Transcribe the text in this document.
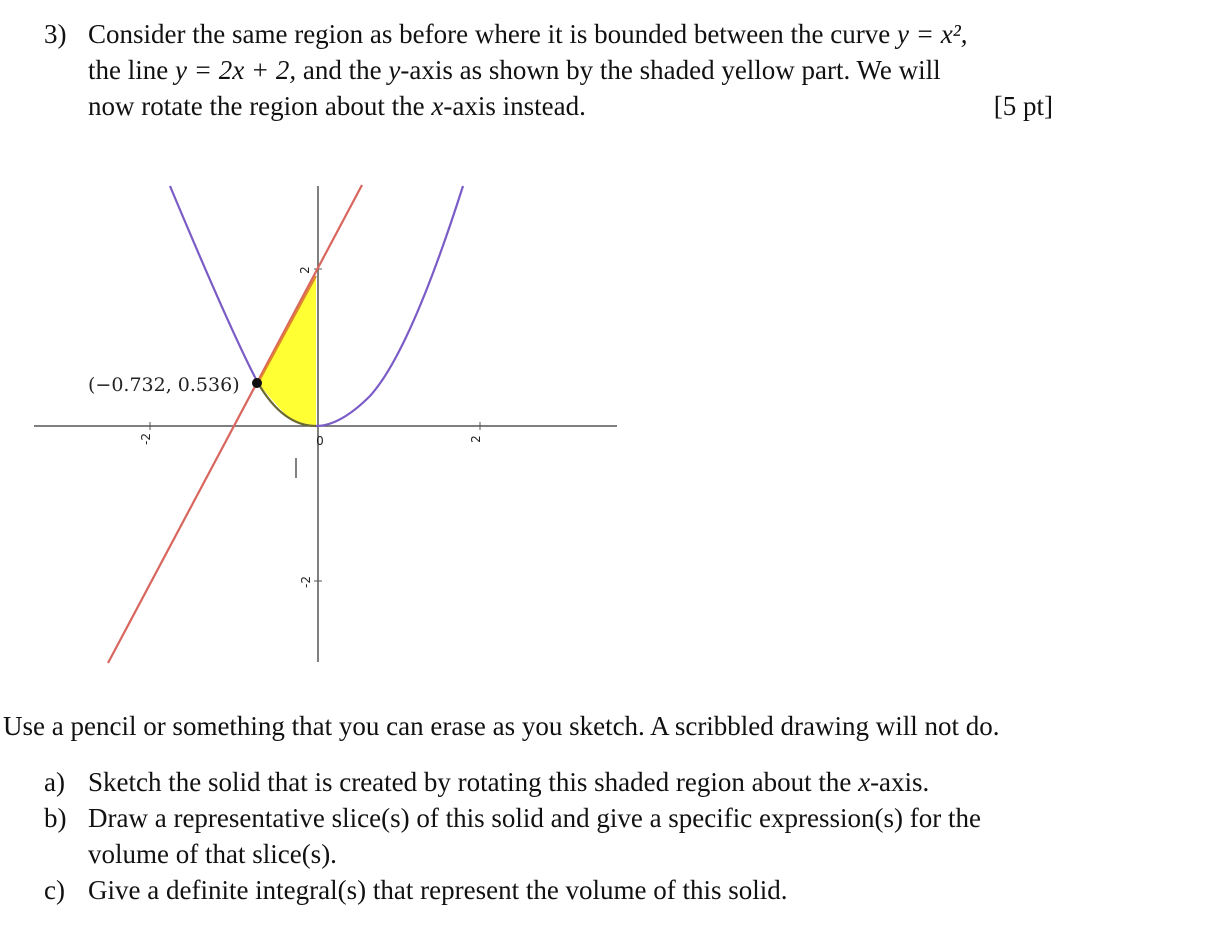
3) Consider the same region as before where it is bounded between the curve y = x²,

the line y = 2x + 2, and the y-axis as shown by the shaded yellow part. We will

now rotate the region about the x-axis instead.	[5 pt]
-2	0	2
2
-2
(−0.732, 0.536)

Use a pencil or something that you can erase as you sketch. A scribbled drawing will not do.

a) Sketch the solid that is created by rotating this shaded region about the x-axis.

b) Draw a representative slice(s) of this solid and give a specific expression(s) for the

volume of that slice(s).

c) Give a definite integral(s) that represent the volume of this solid.
